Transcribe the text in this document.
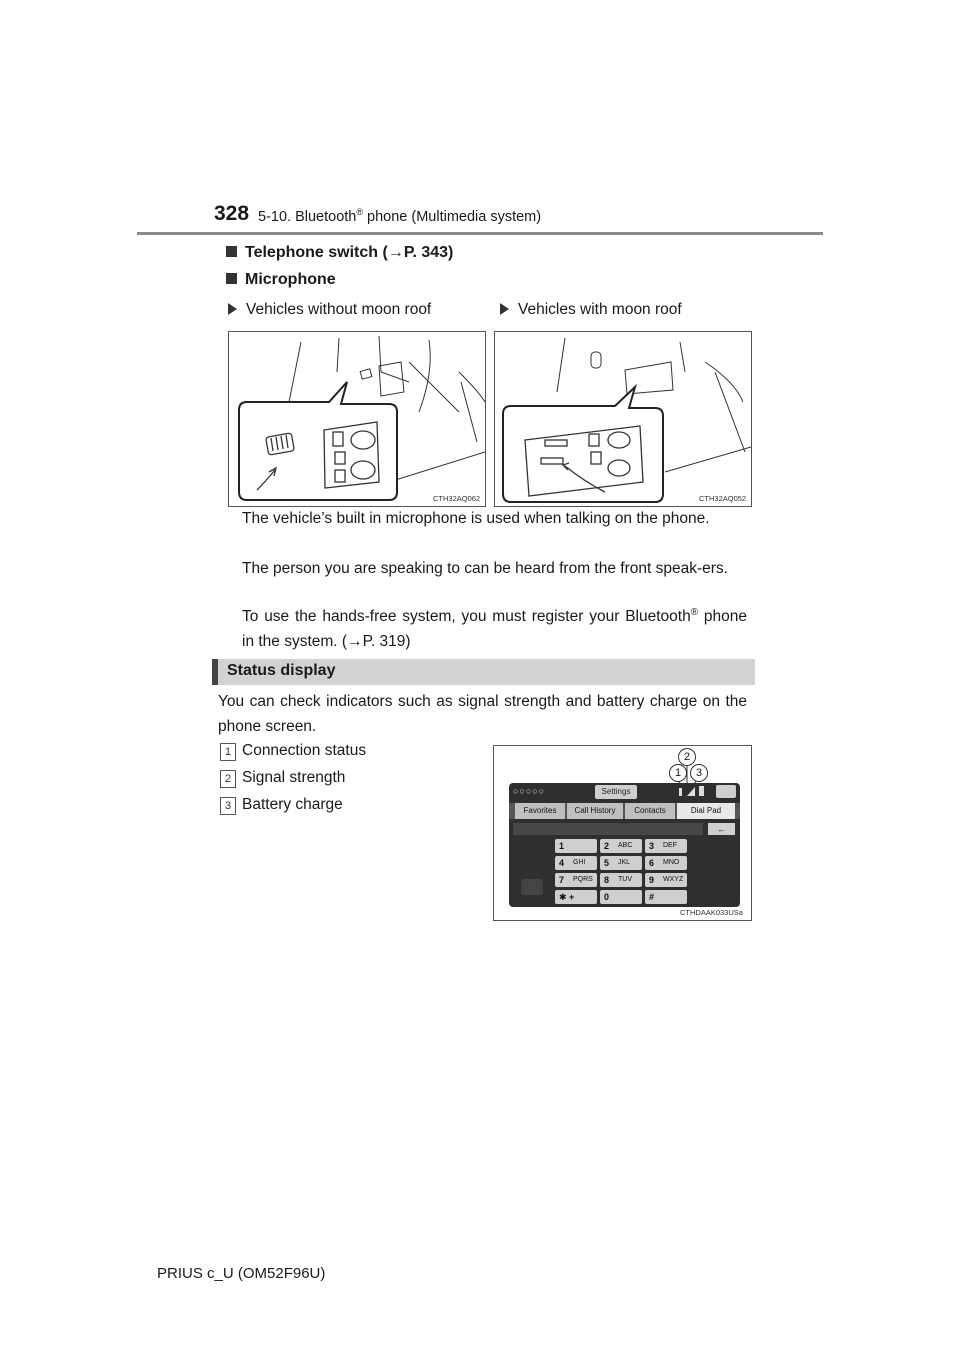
328 5-10. Bluetooth® phone (Multimedia system)
Telephone switch (→P. 343)
Microphone
Vehicles without moon roof	Vehicles with moon roof
CTH32AQ062	CTH32AQ052
The vehicle’s built in microphone is used when talking on the phone.
The person you are speaking to can be heard from the front speak-ers.
To use the hands-free system, you must register your Bluetooth® phone in the system. (→P. 319)
Status display
You can check indicators such as signal strength and battery charge on the phone screen.
1 Connection status
2 Signal strength
3 Battery charge
2
1	3
○○○○○	Settings
Favorites	Call History	Contacts	Dial Pad
←
1	2 ABC 3 DEF
4 GHI 5 JKL 6 MNO
7 PQRS 8 TUV 9 WXYZ
✱ +	0	#
CTHDAAK033USa
PRIUS c_U (OM52F96U)
